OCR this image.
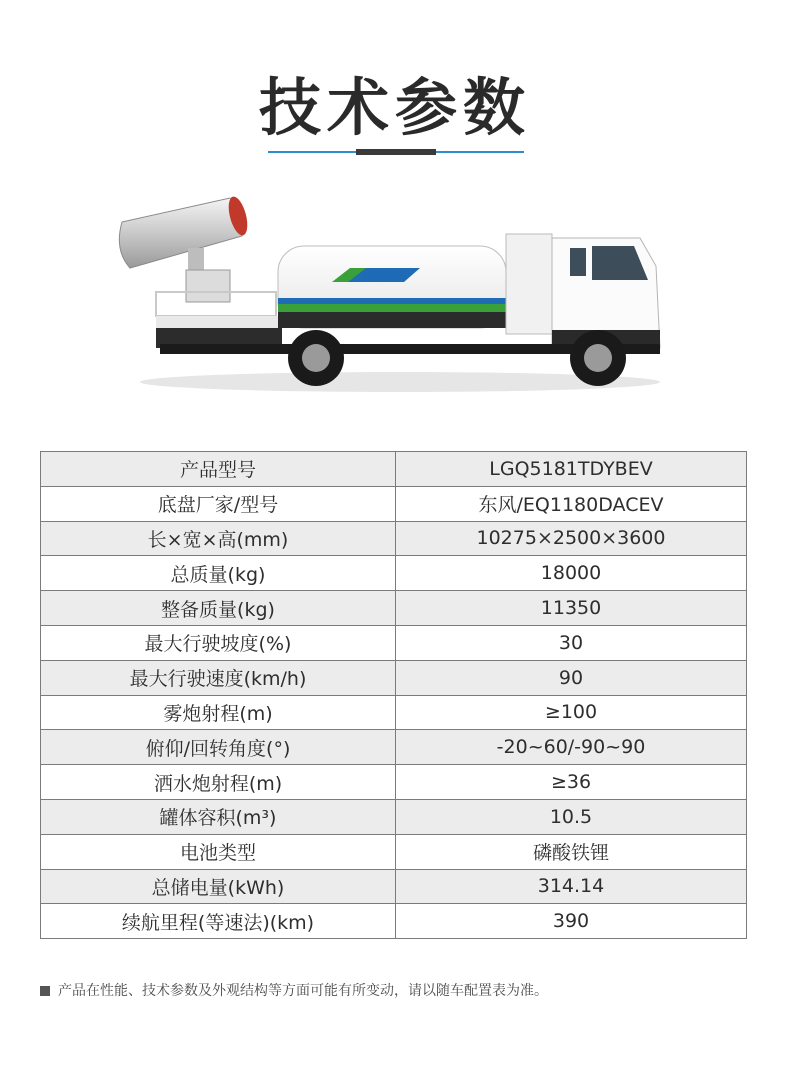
技术参数
与绿色同行
产品型号	LGQ5181TDYBEV
底盘厂家/型号	东风/EQ1180DACEV
长×宽×高(mm)	10275×2500×3600
总质量(kg)	18000
整备质量(kg)	11350
最大行驶坡度(%)	30
最大行驶速度(km/h)	90
雾炮射程(m)	≥100
俯仰/回转角度(°)	-20~60/-90~90
洒水炮射程(m)	≥36
罐体容积(m³)	10.5
电池类型	磷酸铁锂
总储电量(kWh)	314.14
续航里程(等速法)(km)	390
产品在性能、技术参数及外观结构等方面可能有所变动，请以随车配置表为准。
